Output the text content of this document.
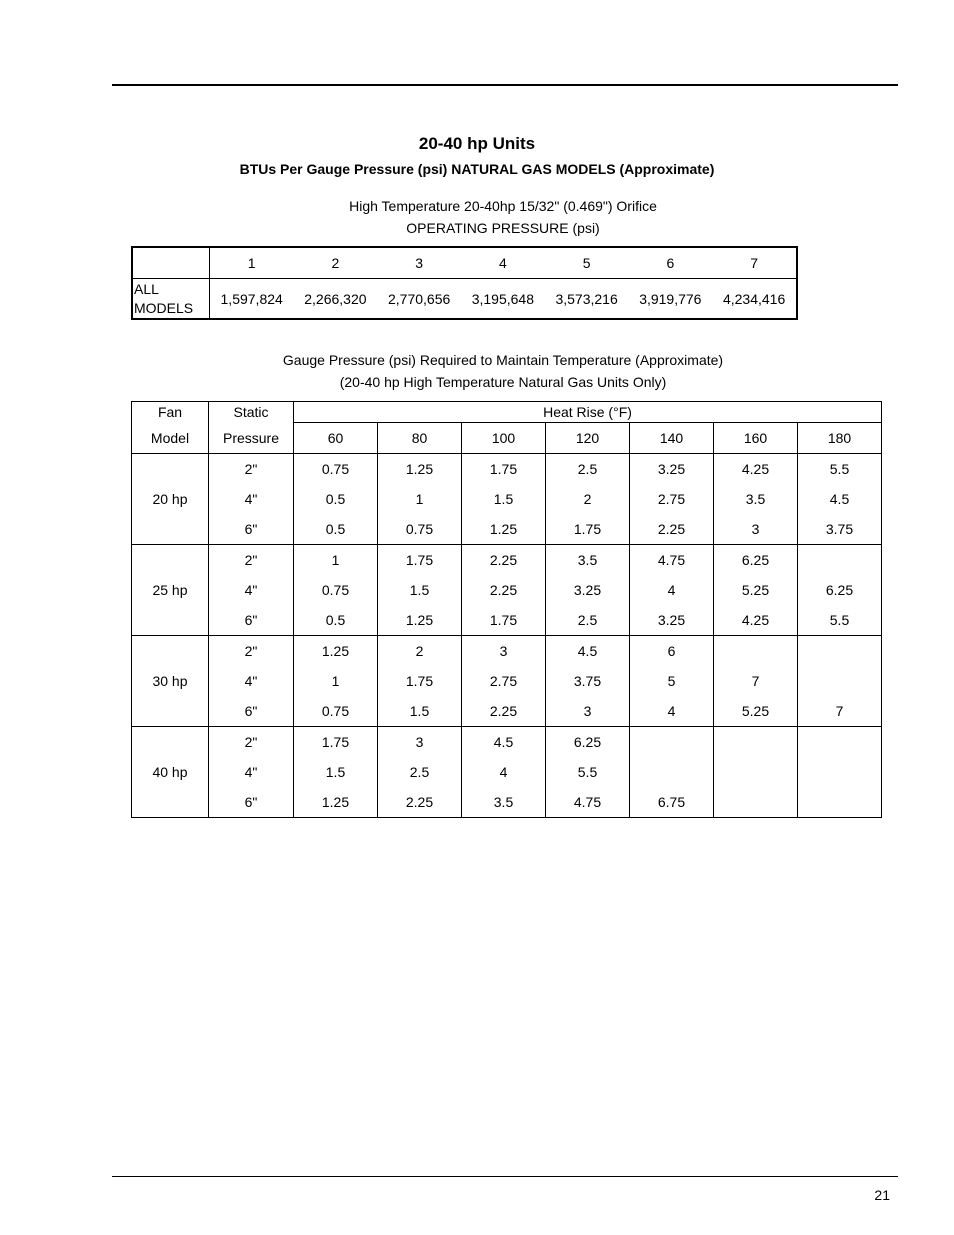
20-40 hp Units
BTUs Per Gauge Pressure (psi) NATURAL GAS MODELS (Approximate)
High Temperature 20-40hp 15/32" (0.469") Orifice
OPERATING PRESSURE (psi)
	1	2	3	4	5	6	7
ALL
MODELS	1,597,824	2,266,320	2,770,656	3,195,648	3,573,216	3,919,776	4,234,416
Gauge Pressure (psi) Required to Maintain Temperature (Approximate)
(20-40 hp High Temperature Natural Gas Units Only)
Fan	Static	Heat Rise (°F)						
Model	Pressure	60	80	100	120	140	160	180
20 hp	2"	0.75	1.25	1.75	2.5	3.25	4.25	5.5
	4"	0.5	1	1.5	2	2.75	3.5	4.5
	6"	0.5	0.75	1.25	1.75	2.25	3	3.75
25 hp	2"	1	1.75	2.25	3.5	4.75	6.25	
	4"	0.75	1.5	2.25	3.25	4	5.25	6.25
	6"	0.5	1.25	1.75	2.5	3.25	4.25	5.5
30 hp	2"	1.25	2	3	4.5	6		
	4"	1	1.75	2.75	3.75	5	7	
	6"	0.75	1.5	2.25	3	4	5.25	7
40 hp	2"	1.75	3	4.5	6.25			
	4"	1.5	2.5	4	5.5			
	6"	1.25	2.25	3.5	4.75	6.75		
21
